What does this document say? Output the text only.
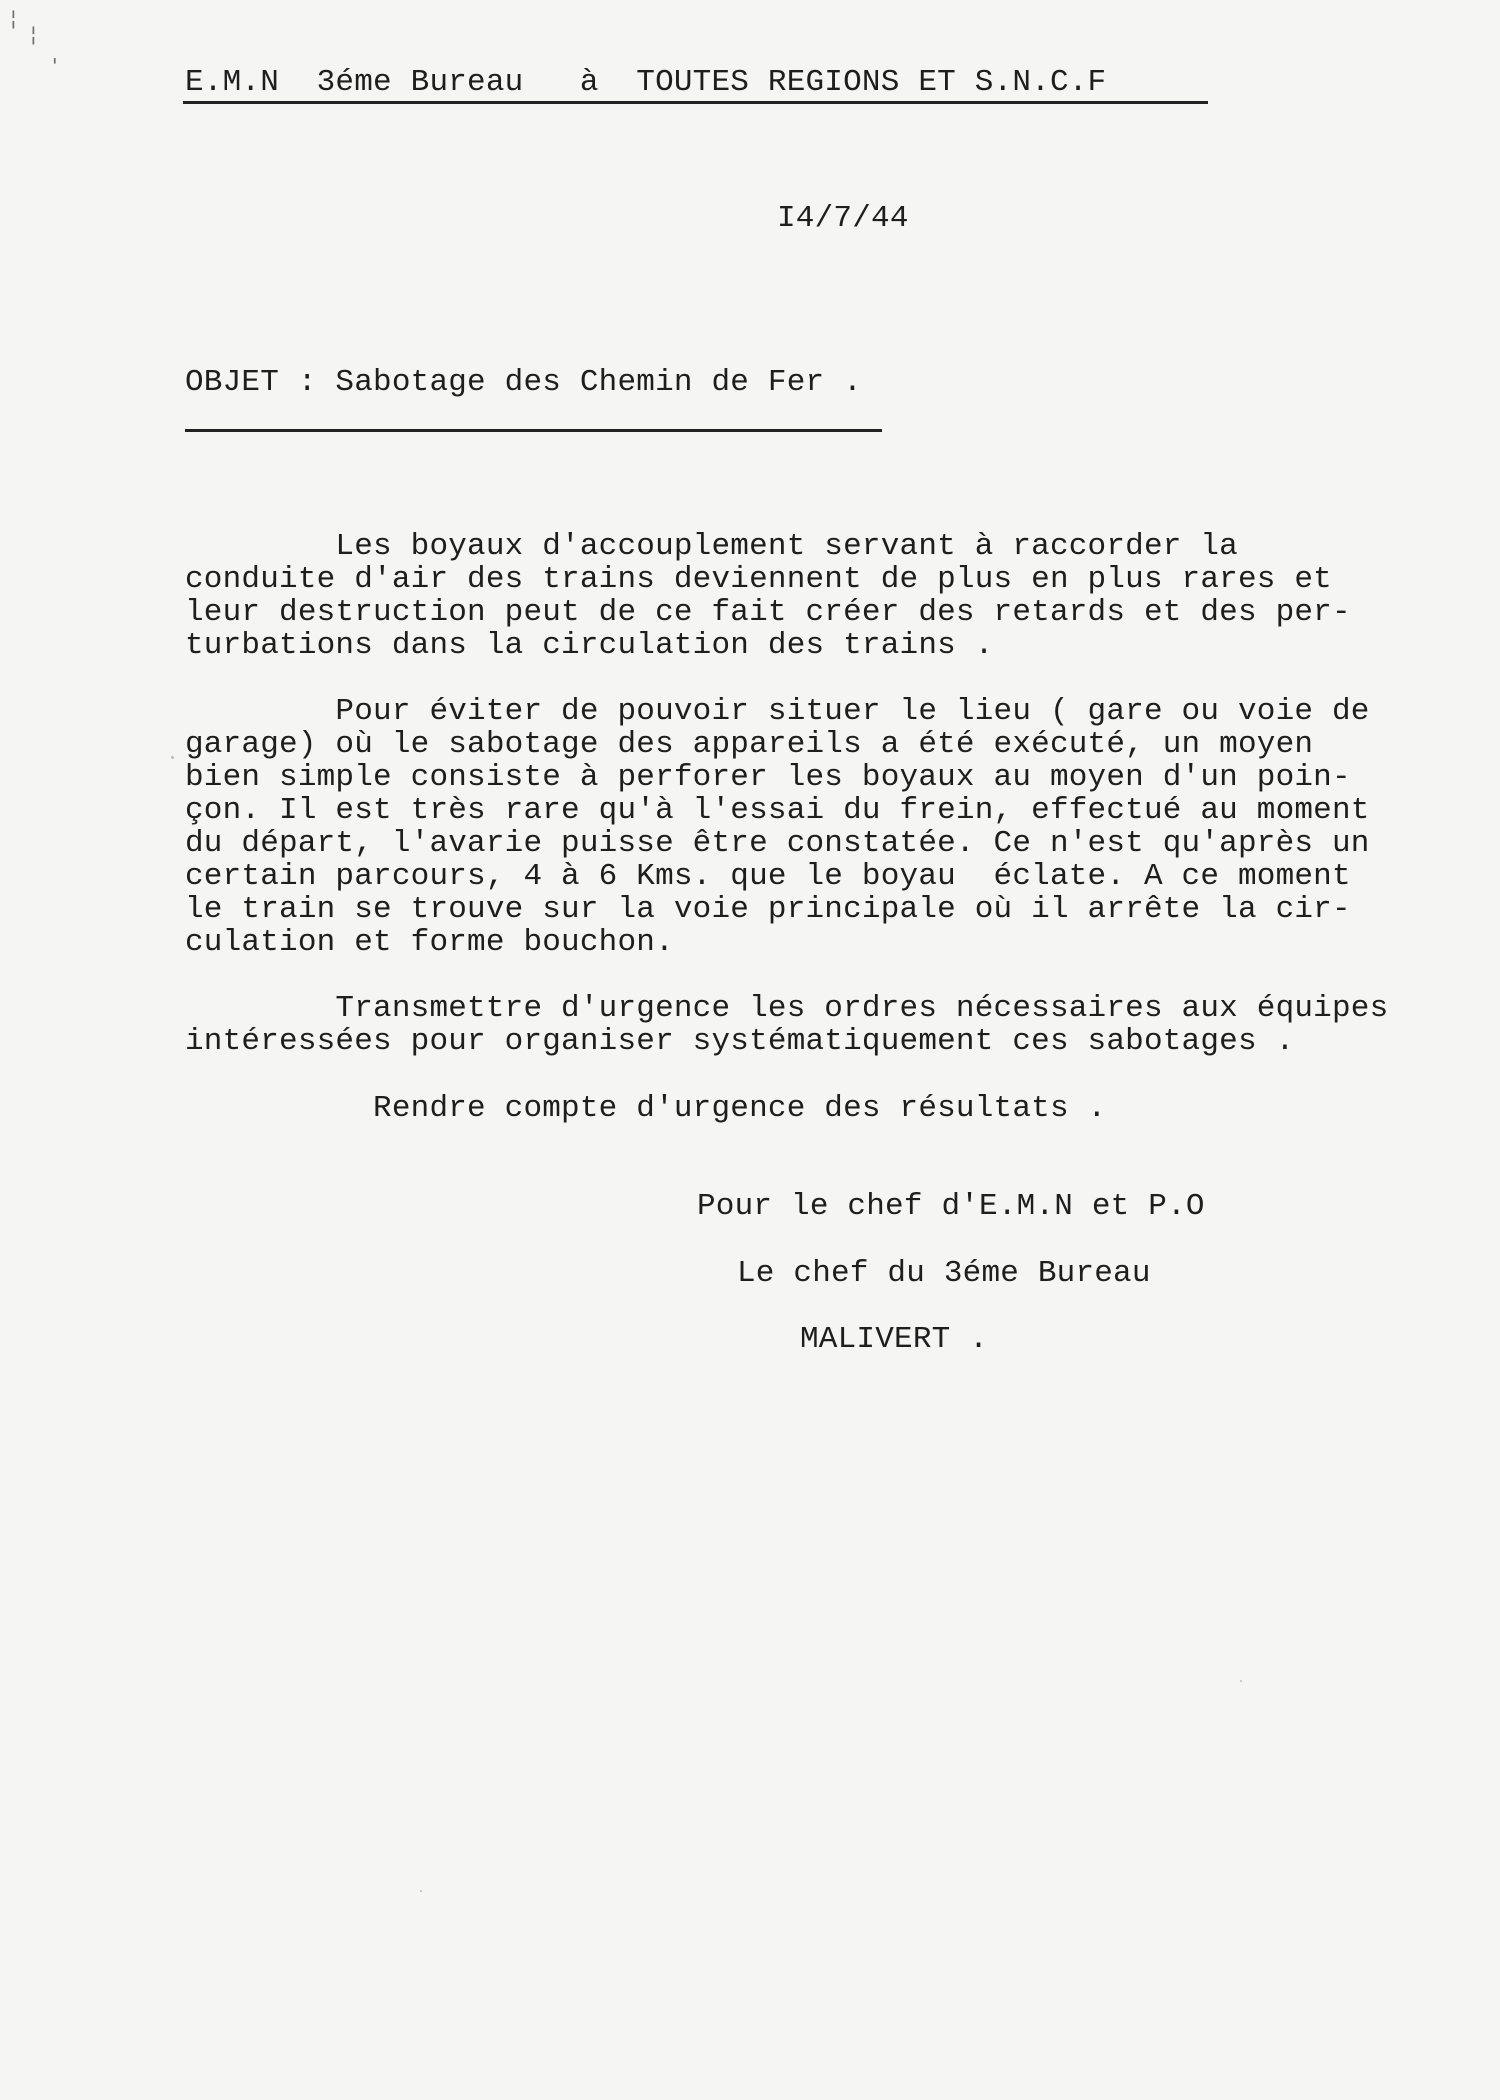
¦
¦
'	E.M.N  3éme Bureau   à  TOUTES REGIONS ET S.N.C.F
I4/7/44
OBJET : Sabotage des Chemin de Fer .
Les boyaux d'accouplement servant à raccorder la
conduite d'air des trains deviennent de plus en plus rares et
leur destruction peut de ce fait créer des retards et des per-
turbations dans la circulation des trains .
Pour éviter de pouvoir situer le lieu ( gare ou voie de
garage) où le sabotage des appareils a été exécuté, un moyen
bien simple consiste à perforer les boyaux au moyen d'un poin-
çon. Il est très rare qu'à l'essai du frein, effectué au moment
du départ, l'avarie puisse être constatée. Ce n'est qu'après un
certain parcours, 4 à 6 Kms. que le boyau  éclate. A ce moment
le train se trouve sur la voie principale où il arrête la cir-
culation et forme bouchon.
Transmettre d'urgence les ordres nécessaires aux équipes
intéressées pour organiser systématiquement ces sabotages .
Rendre compte d'urgence des résultats .
Pour le chef d'E.M.N et P.O
Le chef du 3éme Bureau
MALIVERT .
